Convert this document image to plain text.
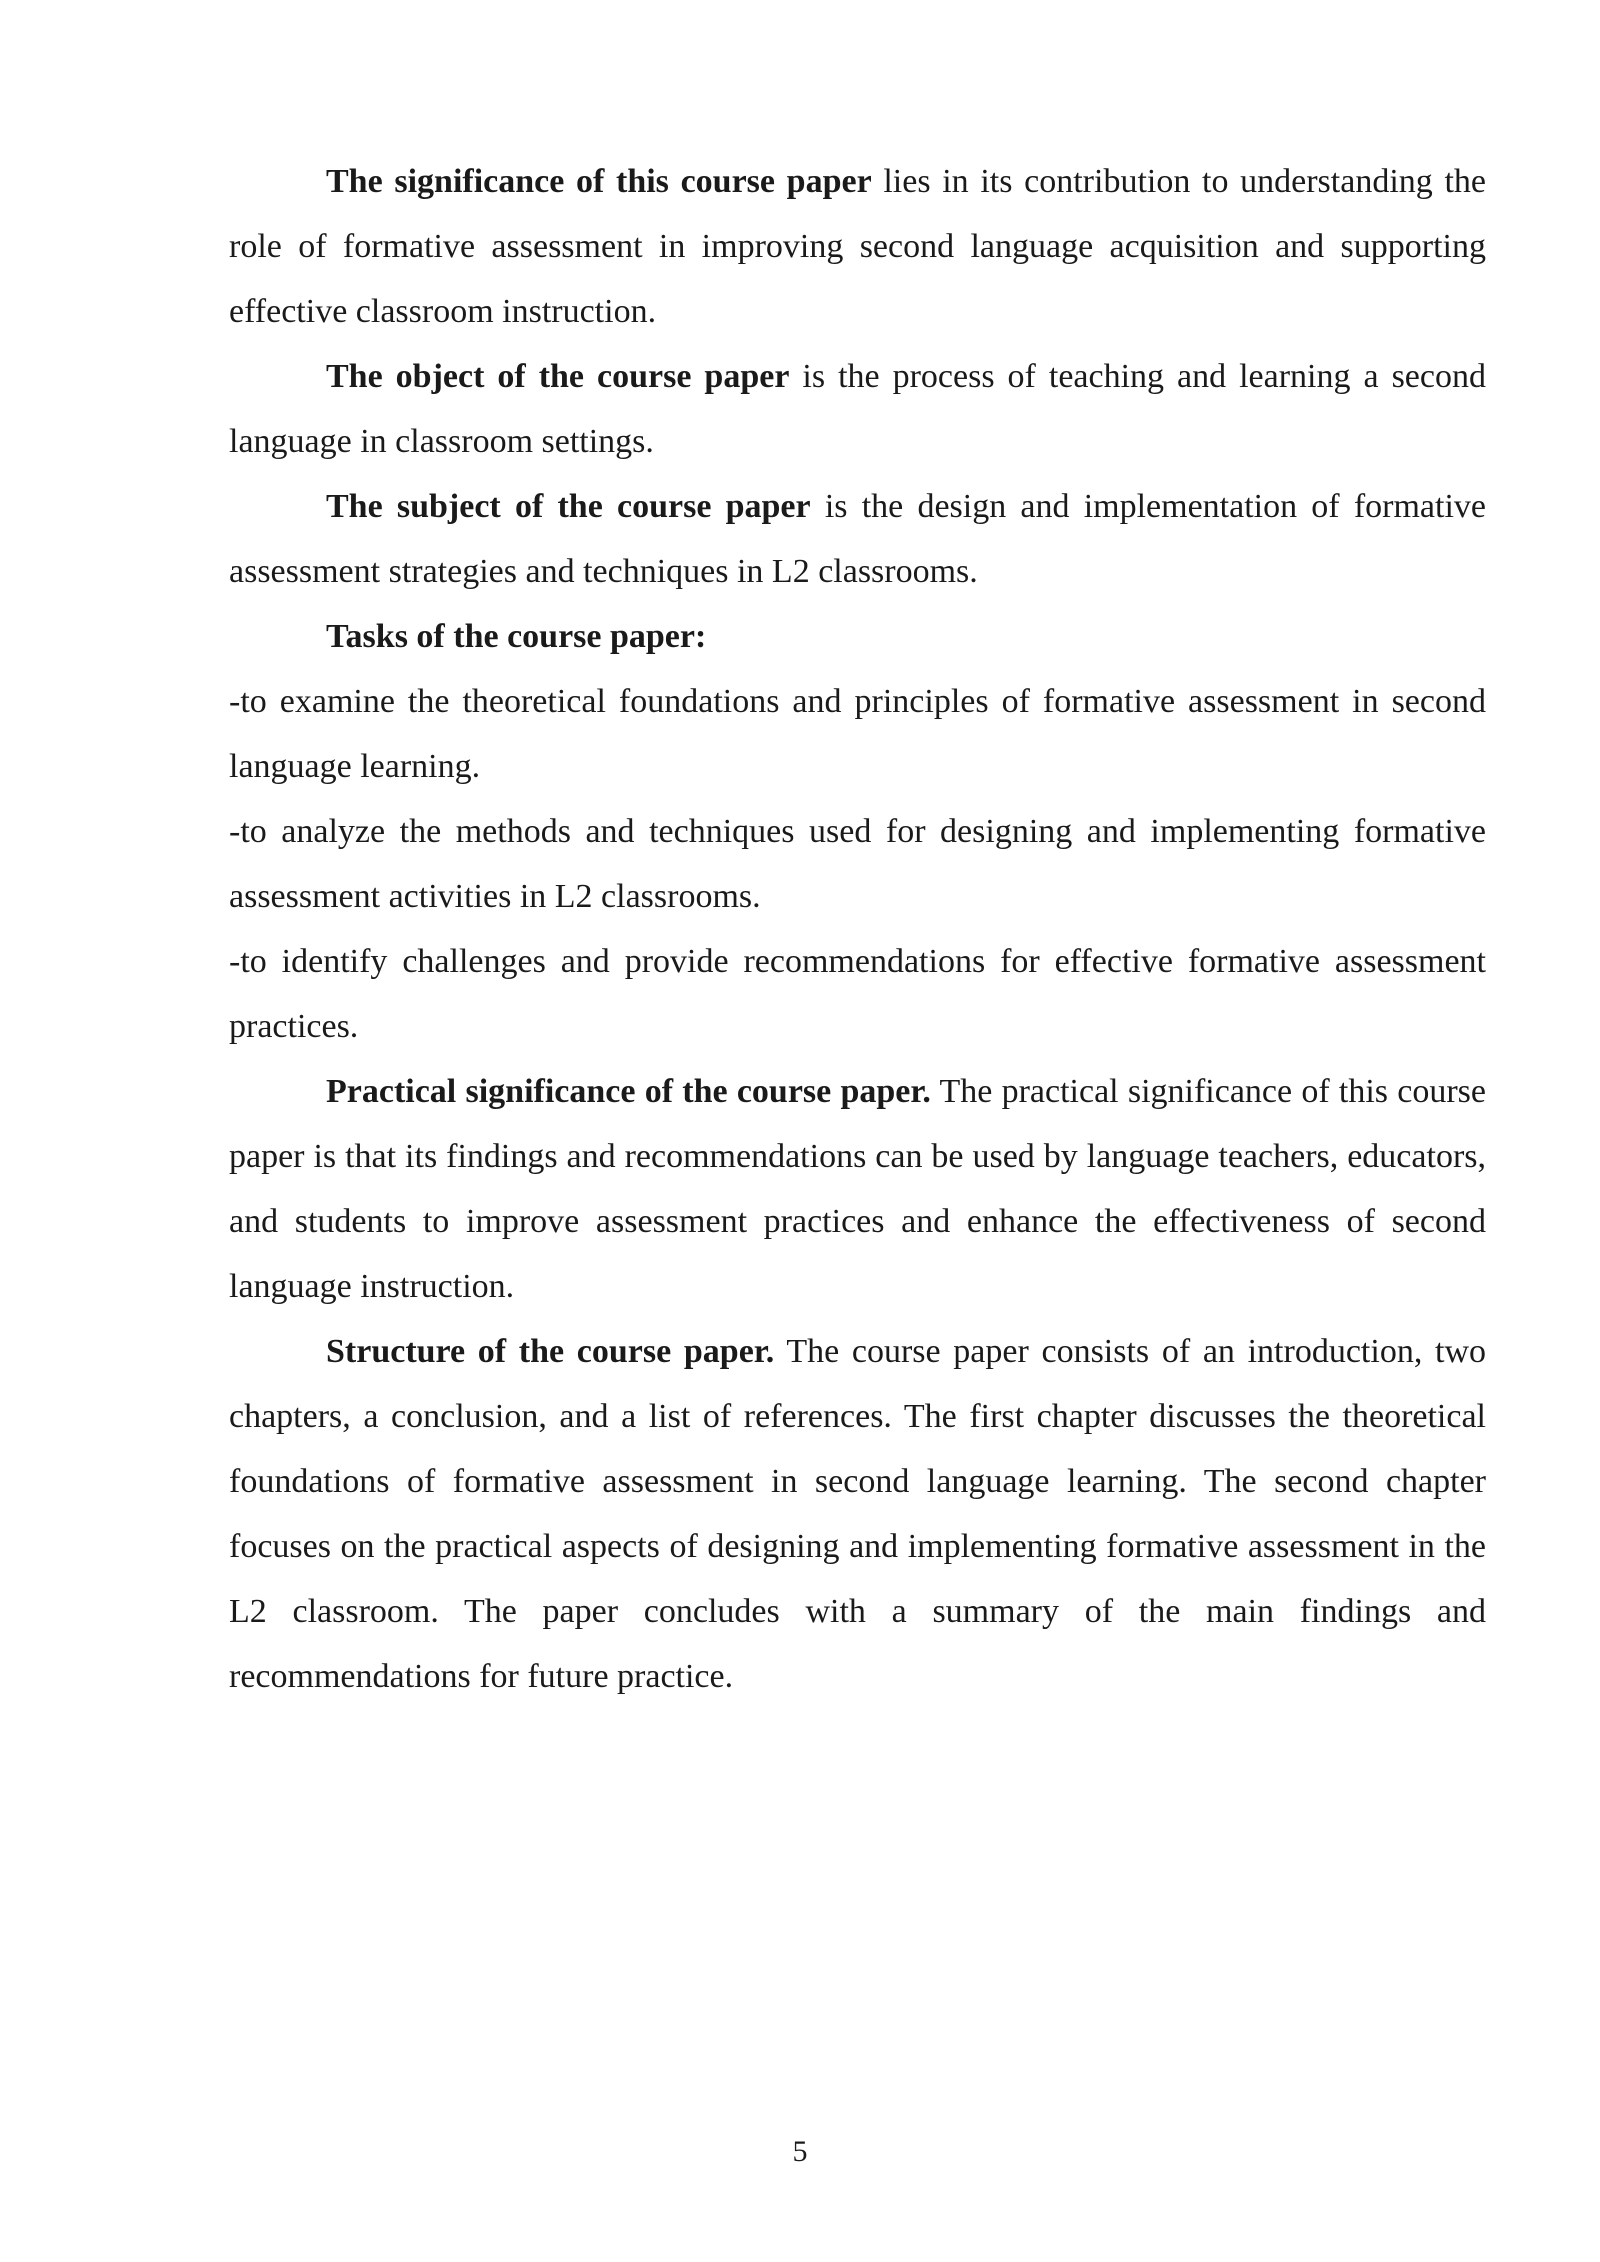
The significance of this course paper lies in its contribution to understanding the role of formative assessment in improving second language acquisition and supporting effective classroom instruction.

The object of the course paper is the process of teaching and learning a second language in classroom settings.

The subject of the course paper is the design and implementation of formative assessment strategies and techniques in L2 classrooms.

Tasks of the course paper:

-to examine the theoretical foundations and principles of formative assessment in second language learning.

-to analyze the methods and techniques used for designing and implementing formative assessment activities in L2 classrooms.

-to identify challenges and provide recommendations for effective formative assessment practices.

Practical significance of the course paper. The practical significance of this course paper is that its findings and recommendations can be used by language teachers, educators, and students to improve assessment practices and enhance the effectiveness of second language instruction.

Structure of the course paper. The course paper consists of an introduction, two chapters, a conclusion, and a list of references. The first chapter discusses the theoretical foundations of formative assessment in second language learning. The second chapter focuses on the practical aspects of designing and implementing formative assessment in the L2 classroom. The paper concludes with a summary of the main findings and recommendations for future practice.

5
